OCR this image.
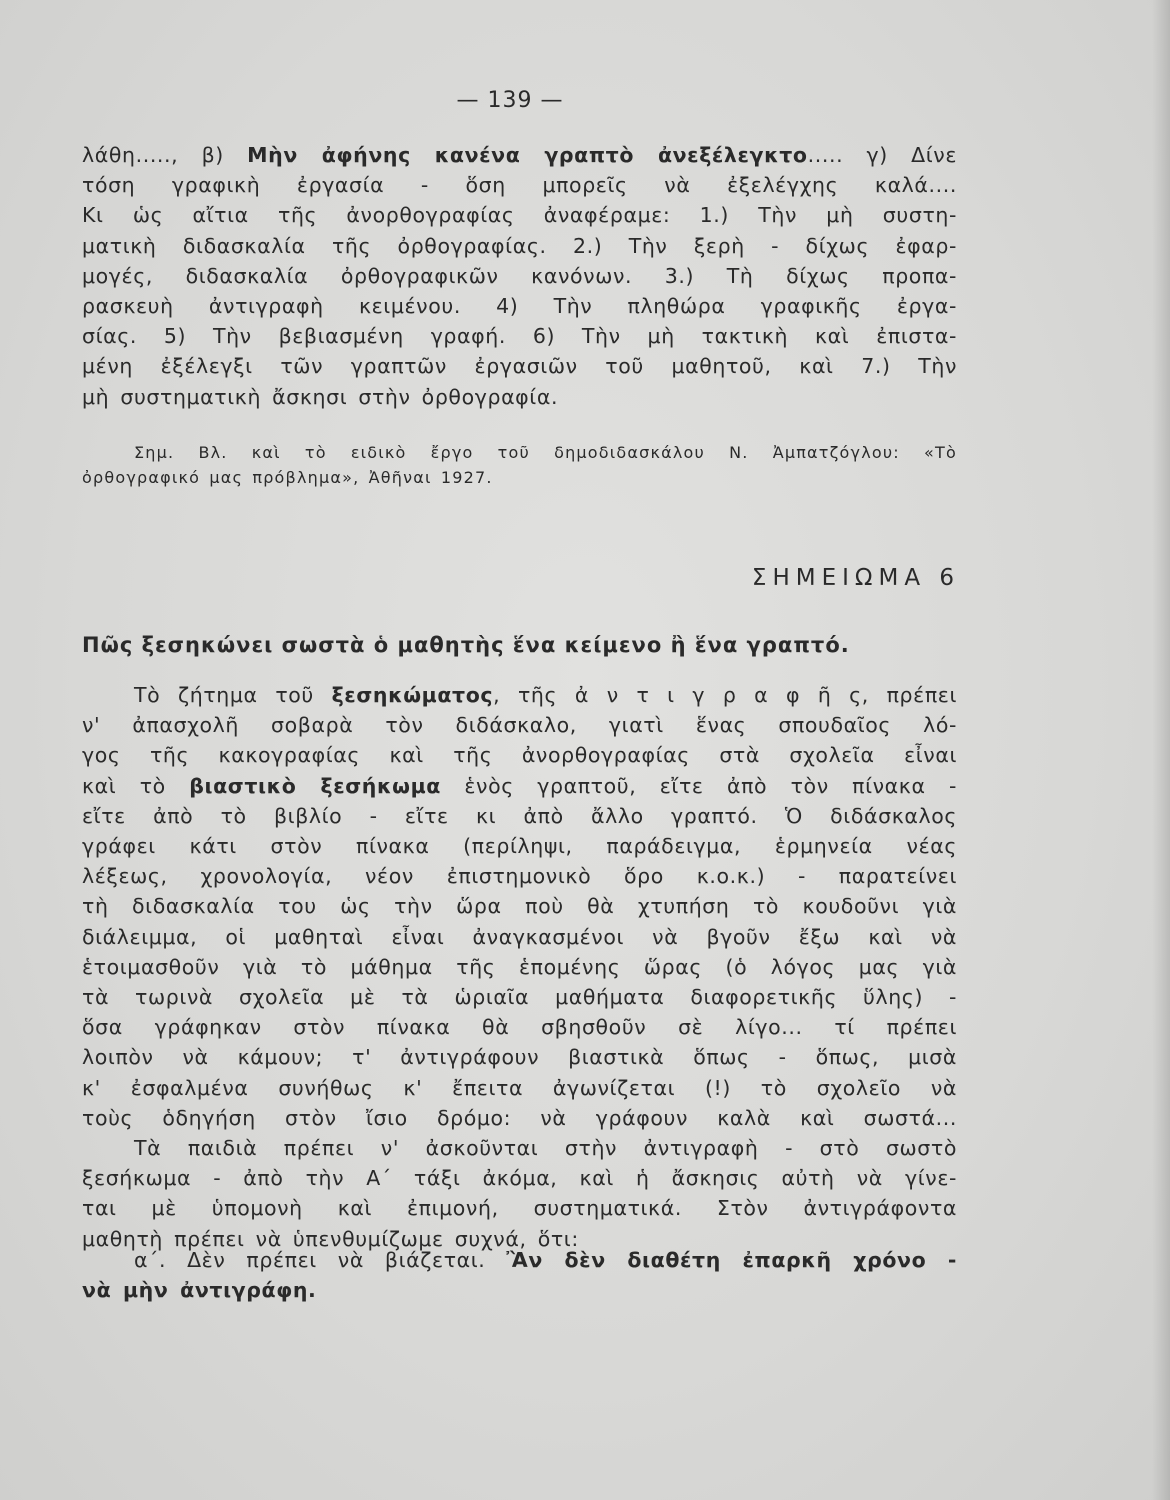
— 139 —

λάθη....., β) Μὴν ἀφήνης κανένα γραπτὸ ἀνεξέλεγκτο..... γ) Δίνε

τόση γραφικὴ ἐργασία - ὅση μπορεῖς νὰ ἐξελέγχης καλά....

Κι ὡς αἴτια τῆς ἀνορθογραφίας ἀναφέραμε: 1.) Τὴν μὴ συστη-

ματικὴ διδασκαλία τῆς ὀρθογραφίας. 2.) Τὴν ξερὴ - δίχως ἐφαρ-

μογές, διδασκαλία ὀρθογραφικῶν κανόνων. 3.) Τὴ δίχως προπα-

ρασκευὴ ἀντιγραφὴ κειμένου. 4) Τὴν πληθώρα γραφικῆς ἐργα-

σίας. 5) Τὴν βεβιασμένη γραφή. 6) Τὴν μὴ τακτικὴ καὶ ἐπιστα-

μένη ἐξέλεγξι τῶν γραπτῶν ἐργασιῶν τοῦ μαθητοῦ, καὶ 7.) Τὴν

μὴ συστηματικὴ ἄσκησι στὴν ὀρθογραφία.

Σημ. Βλ. καὶ τὸ ειδικὸ ἔργο τοῦ δημοδιδασκάλου Ν. Ἀμπατζόγλου: «Τὸ

ὀρθογραφικό μας πρόβλημα», Ἀθῆναι 1927.

ΣΗΜΕΙΩΜΑ 6
Πῶς ξεσηκώνει σωστὰ ὁ μαθητὴς ἕνα κείμενο ἢ ἕνα γραπτό.

Τὸ ζήτημα τοῦ ξεσηκώματος, τῆς ἀ ν τ ι γ ρ α φ ῆ ς, πρέπει

ν' ἀπασχολῆ σοβαρὰ τὸν διδάσκαλο, γιατὶ ἕνας σπουδαῖος λό-

γος τῆς κακογραφίας καὶ τῆς ἀνορθογραφίας στὰ σχολεῖα εἶναι

καὶ τὸ βιαστικὸ ξεσήκωμα ἑνὸς γραπτοῦ, εἴτε ἀπὸ τὸν πίνακα -

εἴτε ἀπὸ τὸ βιβλίο - εἴτε κι ἀπὸ ἄλλο γραπτό. Ὁ διδάσκαλος

γράφει κάτι στὸν πίνακα (περίληψι, παράδειγμα, ἑρμηνεία νέας

λέξεως, χρονολογία, νέον ἐπιστημονικὸ ὅρο κ.ο.κ.) - παρατείνει

τὴ διδασκαλία του ὡς τὴν ὥρα ποὺ θὰ χτυπήση τὸ κουδοῦνι γιὰ

διάλειμμα, οἱ μαθηταὶ εἶναι ἀναγκασμένοι νὰ βγοῦν ἔξω καὶ νὰ

ἑτοιμασθοῦν γιὰ τὸ μάθημα τῆς ἑπομένης ὥρας (ὁ λόγος μας γιὰ

τὰ τωρινὰ σχολεῖα μὲ τὰ ὡριαῖα μαθήματα διαφορετικῆς ὕλης) -

ὅσα γράφηκαν στὸν πίνακα θὰ σβησθοῦν σὲ λίγο... τί πρέπει

λοιπὸν νὰ κάμουν; τ' ἀντιγράφουν βιαστικὰ ὅπως - ὅπως, μισὰ

κ' ἐσφαλμένα συνήθως κ' ἔπειτα ἀγωνίζεται (!) τὸ σχολεῖο νὰ

τοὺς ὁδηγήση στὸν ἴσιο δρόμο: νὰ γράφουν καλὰ καὶ σωστά...

Τὰ παιδιὰ πρέπει ν' ἀσκοῦνται στὴν ἀντιγραφὴ - στὸ σωστὸ

ξεσήκωμα - ἀπὸ τὴν Α΄ τάξι ἀκόμα, καὶ ἡ ἄσκησις αὐτὴ νὰ γίνε-

ται μὲ ὑπομονὴ καὶ ἐπιμονή, συστηματικά. Στὸν ἀντιγράφοντα

μαθητὴ πρέπει νὰ ὑπενθυμίζωμε συχνά, ὅτι:

α΄. Δὲν πρέπει νὰ βιάζεται. Ἂν δὲν διαθέτη ἐπαρκῆ χρόνο -

νὰ μὴν ἀντιγράφη.
